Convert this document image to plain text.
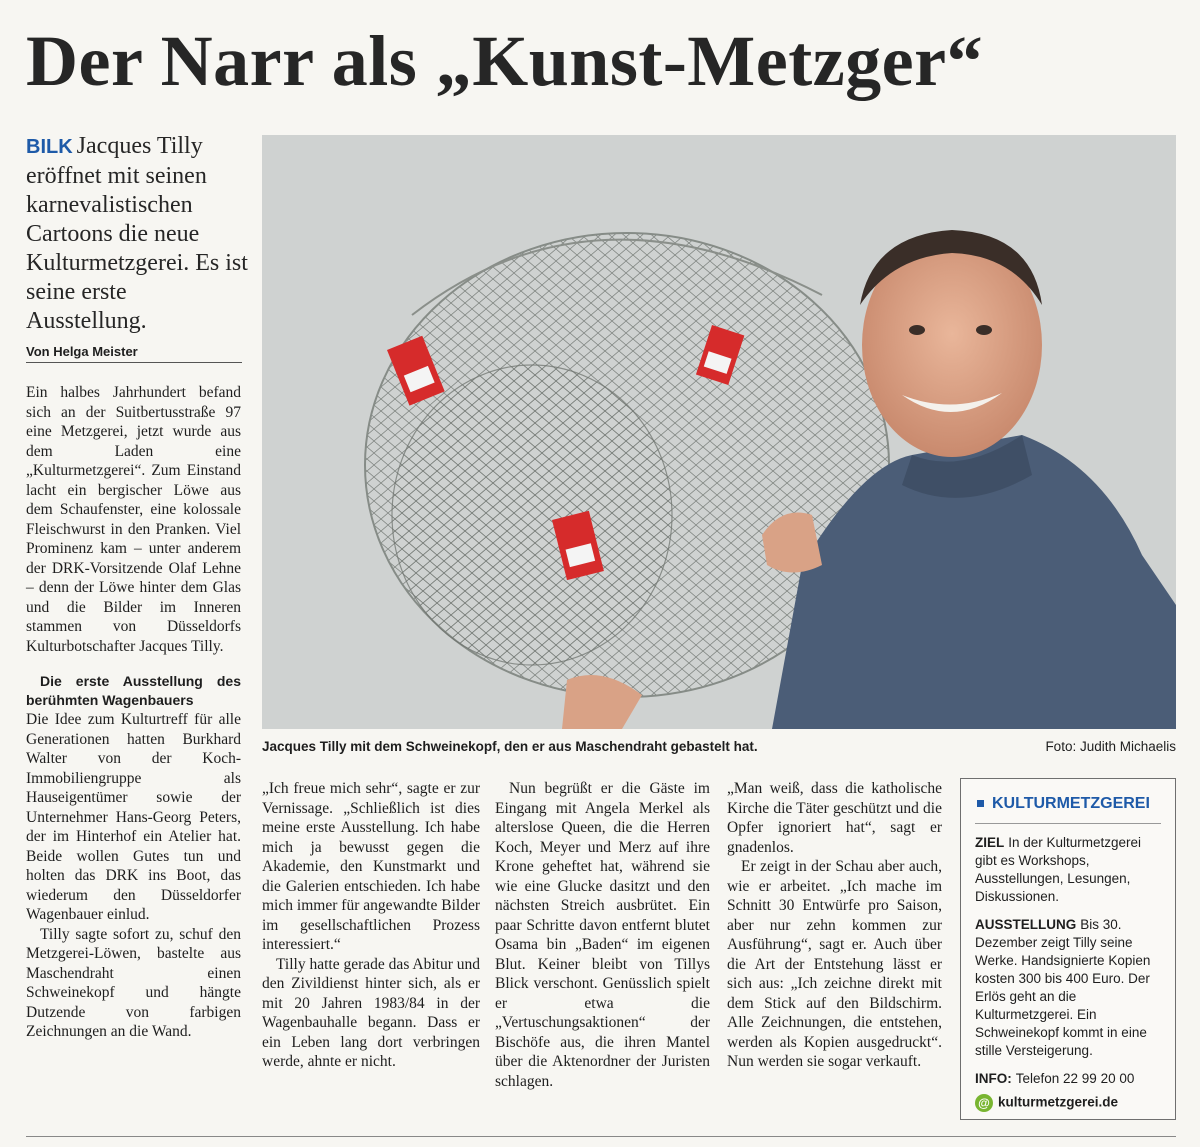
Der Narr als „Kunst-Metzger“
BILK Jacques Tilly eröffnet mit seinen karnevalistischen Cartoons die neue Kulturmetzgerei. Es ist seine erste Ausstellung.
Von Helga Meister

Ein halbes Jahrhundert befand sich an der Suitbertusstraße 97 eine Metzgerei, jetzt wurde aus dem Laden eine „Kulturmetzgerei“. Zum Einstand lacht ein bergischer Löwe aus dem Schaufenster, eine kolossale Fleischwurst in den Pranken. Viel Prominenz kam – unter anderem der DRK-Vorsitzende Olaf Lehne – denn der Löwe hinter dem Glas und die Bilder im Inneren stammen von Düsseldorfs Kulturbotschafter Jacques Tilly.

Die erste Ausstellung des berühmten Wagenbauers

Die Idee zum Kulturtreff für alle Generationen hatten Burkhard Walter von der Koch-Immobiliengruppe als Hauseigentümer sowie der Unternehmer Hans-Georg Peters, der im Hinterhof ein Atelier hat. Beide wollen Gutes tun und holten das DRK ins Boot, das wiederum den Düsseldorfer Wagenbauer einlud.

Tilly sagte sofort zu, schuf den Metzgerei-Löwen, bastelte aus Maschendraht einen Schweinekopf und hängte Dutzende von farbigen Zeichnungen an die Wand.

Jacques Tilly mit dem Schweinekopf, den er aus Maschendraht gebastelt hat.	Foto: Judith Michaelis

„Ich freue mich sehr“, sagte er zur Vernissage. „Schließlich ist dies meine erste Ausstellung. Ich habe mich ja bewusst gegen die Akademie, den Kunstmarkt und die Galerien entschieden. Ich habe mich immer für angewandte Bilder im gesellschaftlichen Prozess interessiert.“

Tilly hatte gerade das Abitur und den Zivildienst hinter sich, als er mit 20 Jahren 1983/84 in der Wagenbauhalle begann. Dass er ein Leben lang dort verbringen werde, ahnte er nicht.

Nun begrüßt er die Gäste im Eingang mit Angela Merkel als alterslose Queen, die die Herren Koch, Meyer und Merz auf ihre Krone geheftet hat, während sie wie eine Glucke dasitzt und den nächsten Streich ausbrütet. Ein paar Schritte davon entfernt blutet Osama bin „Baden“ im eigenen Blut. Keiner bleibt von Tillys Blick verschont. Genüsslich spielt er etwa die „Vertuschungsaktionen“ der Bischöfe aus, die ihren Mantel über die Aktenordner der Juristen schlagen.

„Man weiß, dass die katholische Kirche die Täter geschützt und die Opfer ignoriert hat“, sagt er gnadenlos.

Er zeigt in der Schau aber auch, wie er arbeitet. „Ich mache im Schnitt 30 Entwürfe pro Saison, aber nur zehn kommen zur Ausführung“, sagt er. Auch über die Art der Entstehung lässt er sich aus: „Ich zeichne direkt mit dem Stick auf den Bildschirm. Alle Zeichnungen, die entstehen, werden als Kopien ausgedruckt“. Nun werden sie sogar verkauft.

KULTURMETZGEREI
ZIEL In der Kulturmetzgerei gibt es Workshops, Ausstellungen, Lesungen, Diskussionen.
AUSSTELLUNG Bis 30. Dezember zeigt Tilly seine Werke. Handsignierte Kopien kosten 300 bis 400 Euro. Der Erlös geht an die Kulturmetzgerei. Ein Schweinekopf kommt in eine stille Versteigerung.
INFO: Telefon 22 99 20 00
@ kulturmetzgerei.de
